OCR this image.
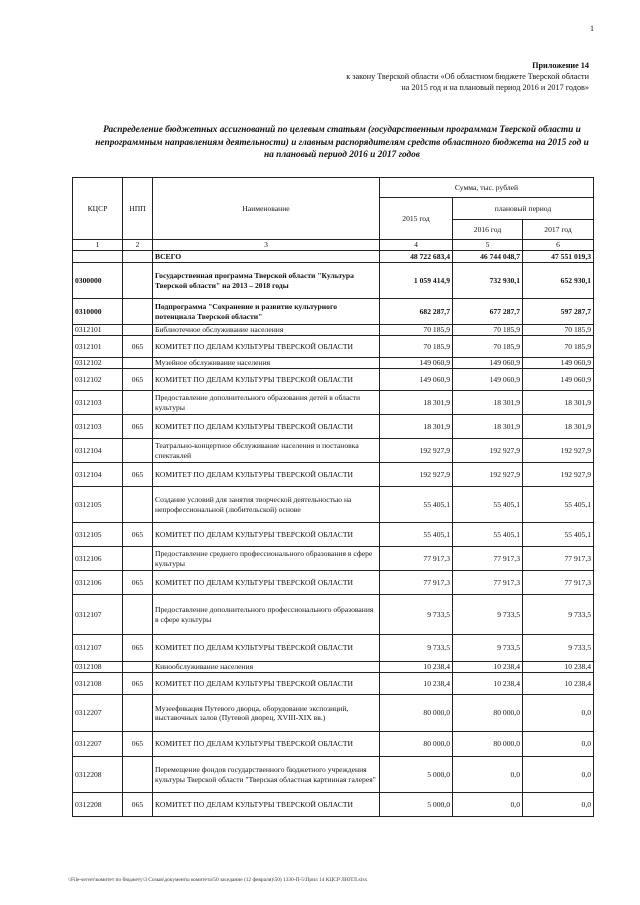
1
Приложение 14
к закону Тверской области «Об областном бюджете Тверской области
на 2015 год и на плановый период 2016 и 2017 годов»
Распределение бюджетных ассигнований по целевым статьям (государственным программам Тверской области и непрограммным направлениям деятельности) и главным распорядителям средств областного бюджета на 2015 год и на плановый период 2016 и 2017 годов
КЦСР	НПП	Наименование	Сумма, тыс. рублей		
			2015 год	плановый период	
				2016 год	2017 год
1	2	3	4	5	6
		ВСЕГО	48 722 683,4	46 744 048,7	47 551 019,3
0300000		Государственная программа Тверской области "Культура Тверской области" на 2013 – 2018 годы	1 059 414,9	732 930,1	652 930,1
0310000		Подпрограмма "Сохранение и развитие культурного потенциала Тверской области"	682 287,7	677 287,7	597 287,7
0312101		Библиотечное обслуживание населения	70 185,9	70 185,9	70 185,9
0312101	065	КОМИТЕТ ПО ДЕЛАМ КУЛЬТУРЫ ТВЕРСКОЙ ОБЛАСТИ	70 185,9	70 185,9	70 185,9
0312102		Музейное обслуживание населения	149 060,9	149 060,9	149 060,9
0312102	065	КОМИТЕТ ПО ДЕЛАМ КУЛЬТУРЫ ТВЕРСКОЙ ОБЛАСТИ	149 060,9	149 060,9	149 060,9
0312103		Предоставление дополнительного образования детей в области культуры	18 301,9	18 301,9	18 301,9
0312103	065	КОМИТЕТ ПО ДЕЛАМ КУЛЬТУРЫ ТВЕРСКОЙ ОБЛАСТИ	18 301,9	18 301,9	18 301,9
0312104		Театрально-концертное обслуживание населения и постановка спектаклей	192 927,9	192 927,9	192 927,9
0312104	065	КОМИТЕТ ПО ДЕЛАМ КУЛЬТУРЫ ТВЕРСКОЙ ОБЛАСТИ	192 927,9	192 927,9	192 927,9
0312105		Создание условий для занятия творческой деятельностью на непрофессиональной (любительской) основе	55 405,1	55 405,1	55 405,1
0312105	065	КОМИТЕТ ПО ДЕЛАМ КУЛЬТУРЫ ТВЕРСКОЙ ОБЛАСТИ	55 405,1	55 405,1	55 405,1
0312106		Предоставление среднего профессионального образования в сфере культуры	77 917,3	77 917,3	77 917,3
0312106	065	КОМИТЕТ ПО ДЕЛАМ КУЛЬТУРЫ ТВЕРСКОЙ ОБЛАСТИ	77 917,3	77 917,3	77 917,3
0312107		Предоставление дополнительного профессионального образования в сфере культуры	9 733,5	9 733,5	9 733,5
0312107	065	КОМИТЕТ ПО ДЕЛАМ КУЛЬТУРЫ ТВЕРСКОЙ ОБЛАСТИ	9 733,5	9 733,5	9 733,5
0312108		Кинообслуживание населения	10 238,4	10 238,4	10 238,4
0312108	065	КОМИТЕТ ПО ДЕЛАМ КУЛЬТУРЫ ТВЕРСКОЙ ОБЛАСТИ	10 238,4	10 238,4	10 238,4
0312207		Музеефикация Путевого дворца, оборудование экспозиций, выставочных залов (Путевой дворец, XVIII-XIX вв.)	80 000,0	80 000,0	0,0
0312207	065	КОМИТЕТ ПО ДЕЛАМ КУЛЬТУРЫ ТВЕРСКОЙ ОБЛАСТИ	80 000,0	80 000,0	0,0
0312208		Перемещение фондов государственного бюджетного учреждения культуры Тверской области "Тверская областная картинная галерея"	5 000,0	0,0	0,0
0312208	065	КОМИТЕТ ПО ДЕЛАМ КУЛЬТУРЫ ТВЕРСКОЙ ОБЛАСТИ	5 000,0	0,0	0,0
\\File-server\комитет по бюджету\3 Созыв\документы комитета\50 заседание (12 февраля)\50) 1330-П-5\Прил 14 КЦСР ЛЮТЛ.xlsx
